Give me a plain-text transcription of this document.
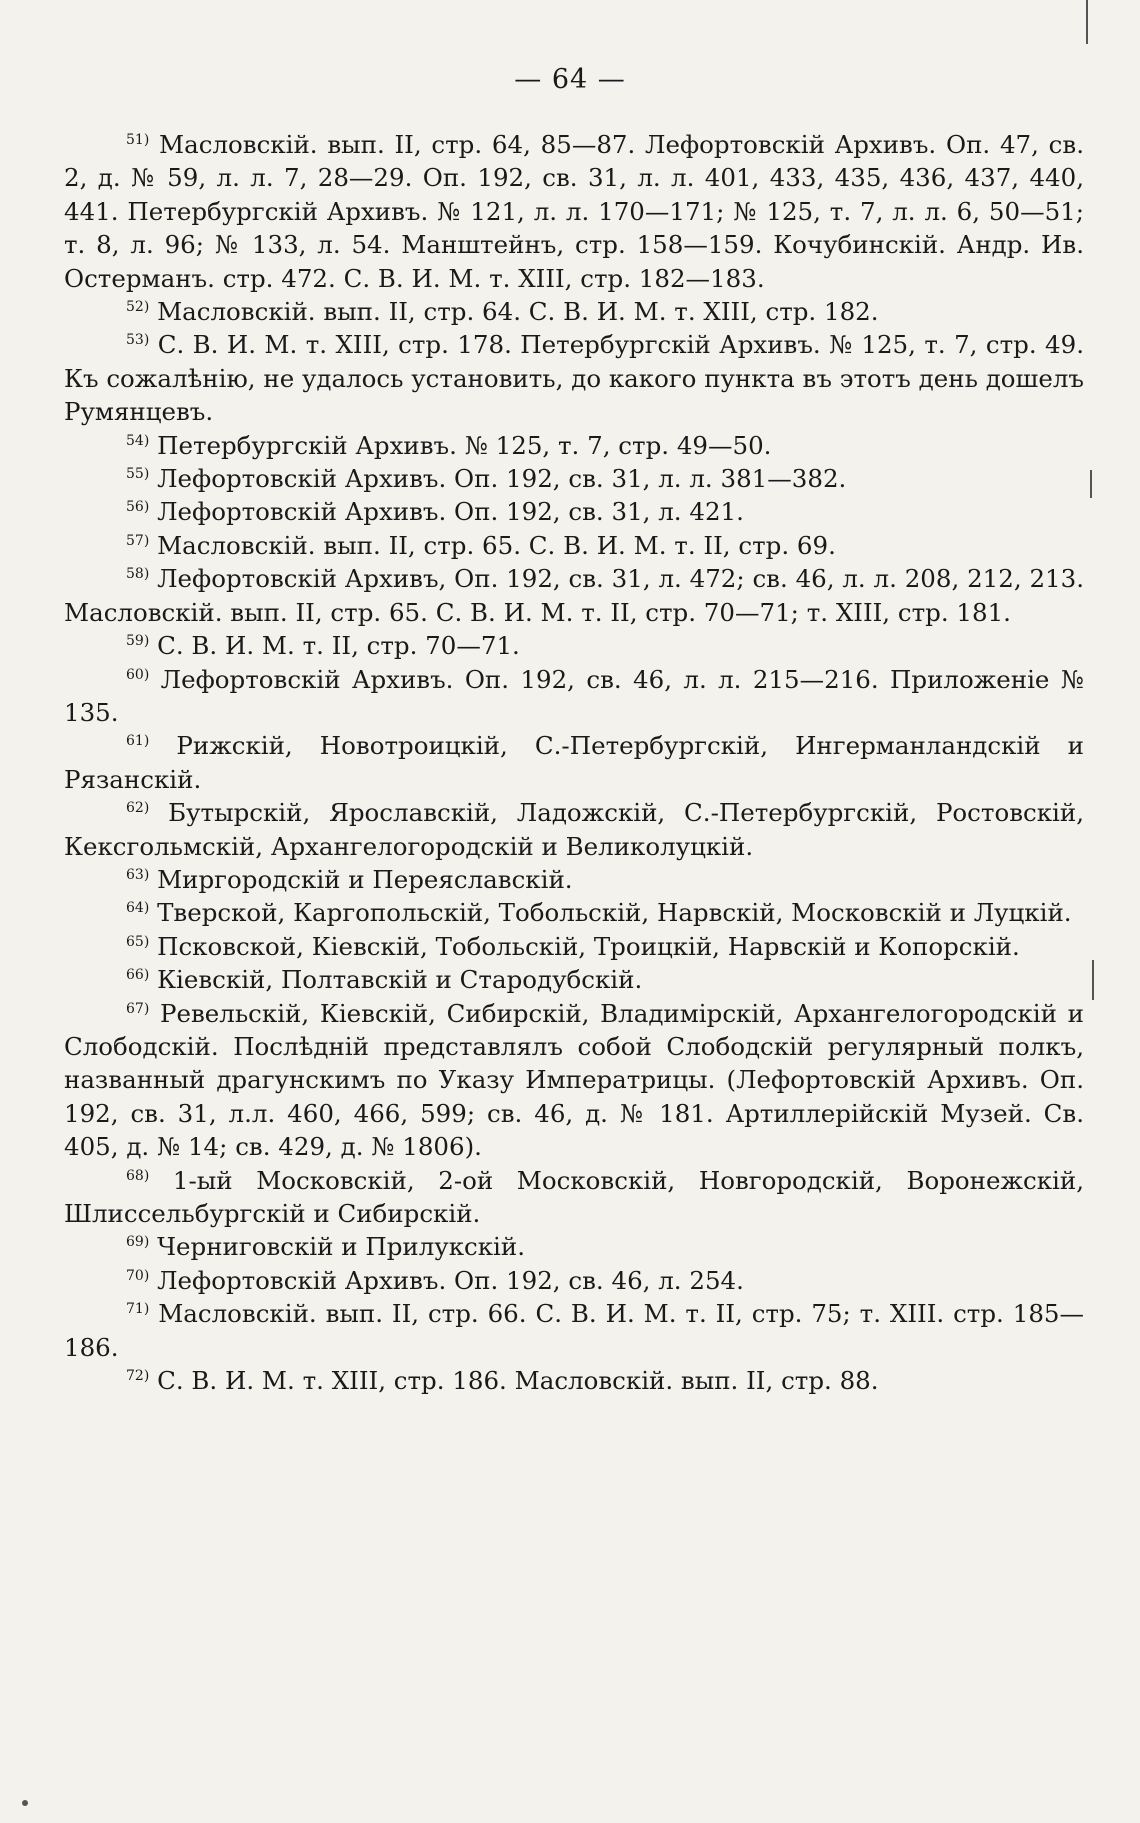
— 64 —

$^{51)}$ Масловскій. вып. II, стр. 64, 85—87. Лефортовскій Архивъ. Оп. 47, св. 2, д. № 59, л. л. 7, 28—29. Оп. 192, св. 31, л. л. 401, 433, 435, 436, 437, 440, 441. Петербургскій Архивъ. № 121, л. л. 170—171; № 125, т. 7, л. л. 6, 50—51; т. 8, л. 96; № 133, л. 54. Манштейнъ, стр. 158—159. Кочубинскій. Андр. Ив. Остерманъ. стр. 472. С. В. И. М. т. XIII, стр. 182—183.

$^{52)}$ Масловскій. вып. II, стр. 64. С. В. И. М. т. XIII, стр. 182.

$^{53)}$ С. В. И. М. т. XIII, стр. 178. Петербургскій Архивъ. № 125, т. 7, стр. 49. Къ сожалѣнію, не удалось установить, до какого пункта въ этотъ день дошелъ Румянцевъ.

$^{54)}$ Петербургскій Архивъ. № 125, т. 7, стр. 49—50.

$^{55)}$ Лефортовскій Архивъ. Оп. 192, св. 31, л. л. 381—382.

$^{56)}$ Лефортовскій Архивъ. Оп. 192, св. 31, л. 421.

$^{57)}$ Масловскій. вып. II, стр. 65. С. В. И. М. т. II, стр. 69.

$^{58)}$ Лефортовскій Архивъ, Оп. 192, св. 31, л. 472; св. 46, л. л. 208, 212, 213. Масловскій. вып. II, стр. 65. С. В. И. М. т. II, стр. 70—71; т. XIII, стр. 181.

$^{59)}$ С. В. И. М. т. II, стр. 70—71.

$^{60)}$ Лефортовскій Архивъ. Оп. 192, св. 46, л. л. 215—216. Приложеніе № 135.

$^{61)}$ Рижскій, Новотроицкій, С.-Петербургскій, Ингерманландскій и Рязанскій.

$^{62)}$ Бутырскій, Ярославскій, Ладожскій, С.-Петербургскій, Ростовскій, Кексгольмскій, Архангелогородскій и Великолуцкій.

$^{63)}$ Миргородскій и Переяславскій.

$^{64)}$ Тверской, Каргопольскій, Тобольскій, Нарвскій, Московскій и Луцкій.

$^{65)}$ Псковской, Кіевскій, Тобольскій, Троицкій, Нарвскій и Копорскій.

$^{66)}$ Кіевскій, Полтавскій и Стародубскій.

$^{67)}$ Ревельскій, Кіевскій, Сибирскій, Владимірскій, Архангелогородскій и Слободскій. Послѣдній представлялъ собой Слободскій регулярный полкъ, названный драгунскимъ по Указу Императрицы. (Лефортовскій Архивъ. Оп. 192, св. 31, л.л. 460, 466, 599; св. 46, д. № 181. Артиллерійскій Музей. Св. 405, д. № 14; св. 429, д. № 1806).

$^{68)}$ 1-ый Московскій, 2-ой Московскій, Новгородскій, Воронежскій, Шлиссельбургскій и Сибирскій.

$^{69)}$ Черниговскій и Прилукскій.

$^{70)}$ Лефортовскій Архивъ. Оп. 192, св. 46, л. 254.

$^{71)}$ Масловскій. вып. II, стр. 66. С. В. И. М. т. II, стр. 75; т. XIII. стр. 185—186.

$^{72)}$ С. В. И. М. т. XIII, стр. 186. Масловскій. вып. II, стр. 88.
